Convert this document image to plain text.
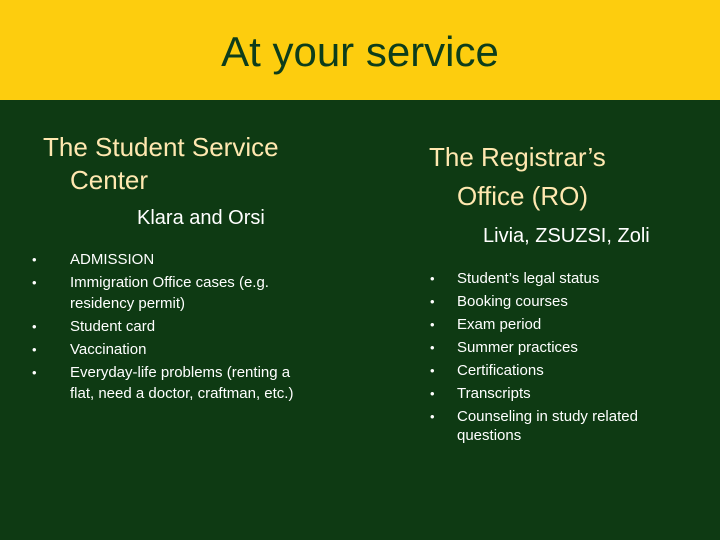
At your service
The Student Service
Center
Klara and Orsi
• ADMISSION
• Immigration Office cases (e.g. residency permit)
• Student card
• Vaccination
• Everyday-life problems (renting a flat, need a doctor, craftman, etc.)
The Registrar’s
Office (RO)
Livia, ZSUZSI, Zoli
• Student’s legal status
• Booking courses
• Exam period
• Summer practices
• Certifications
• Transcripts
• Counseling in study related questions
